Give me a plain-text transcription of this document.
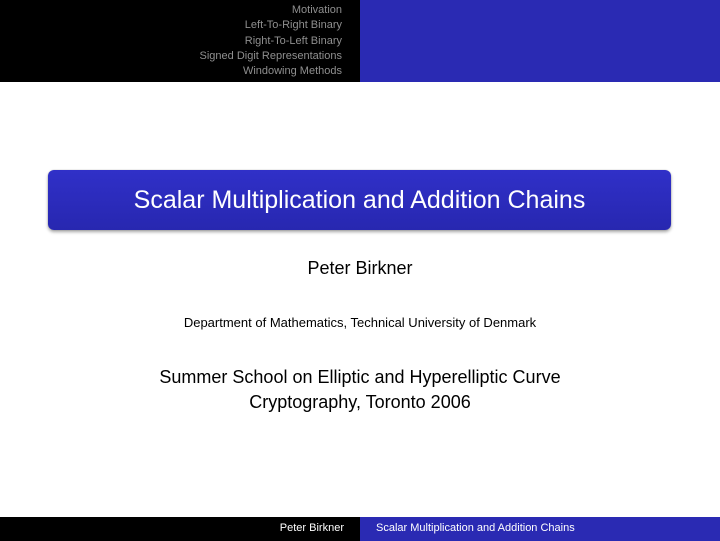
Motivation
Left-To-Right Binary
Right-To-Left Binary
Signed Digit Representations
Windowing Methods
Scalar Multiplication and Addition Chains
Peter Birkner
Department of Mathematics, Technical University of Denmark
Summer School on Elliptic and Hyperelliptic Curve
Cryptography, Toronto 2006
Peter Birkner	Scalar Multiplication and Addition Chains
